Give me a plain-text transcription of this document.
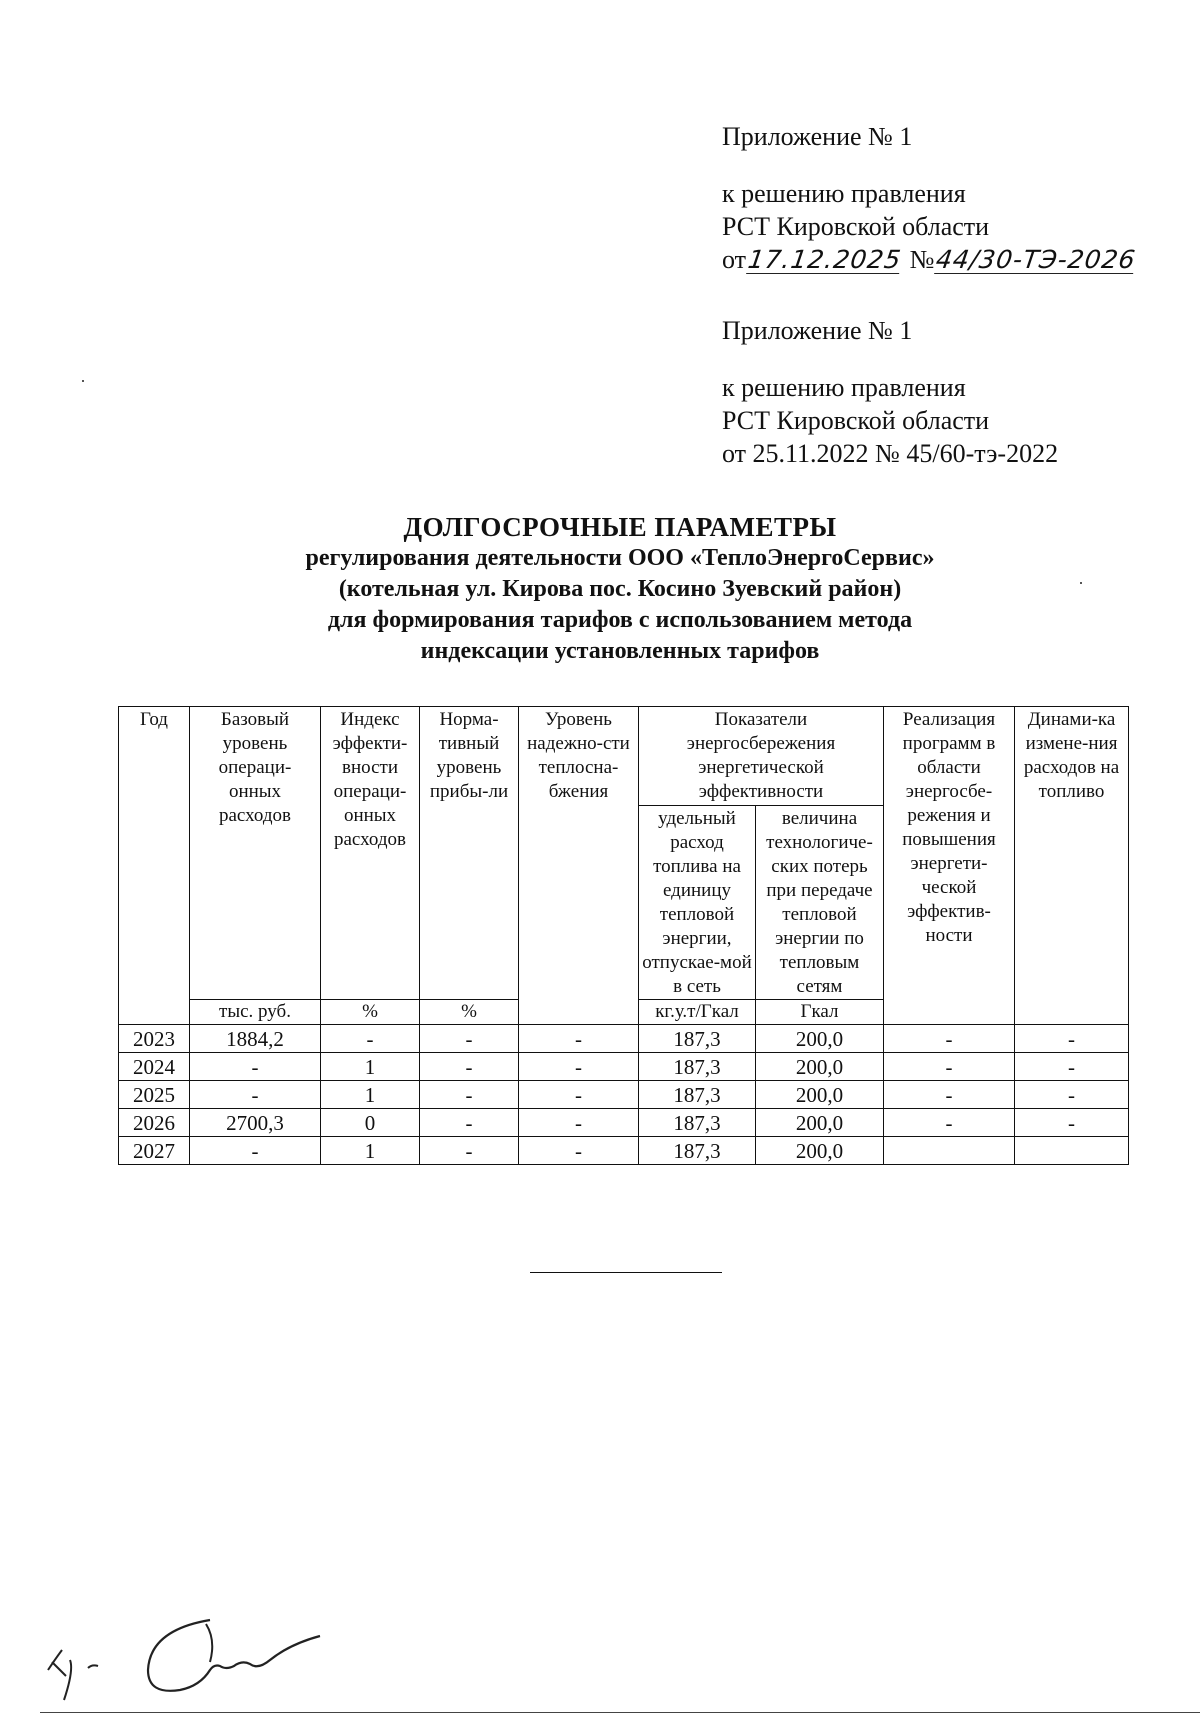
Приложение № 1
к решению правления
РСТ Кировской области
от17.12.2025 №44/30-ТЭ-2026
Приложение № 1
к решению правления
РСТ Кировской области
от 25.11.2022 № 45/60-тэ-2022
ДОЛГОСРОЧНЫЕ ПАРАМЕТРЫ
регулирования деятельности ООО «ТеплоЭнергоСервис»
(котельная ул. Кирова пос. Косино Зуевский район)
для формирования тарифов с использованием метода
индексации установленных тарифов
Год	Базовый уровень операци-онных расходов	Индекс эффекти-вности операци-онных расходов	Норма-тивный уровень прибы-ли	Уровень надежно-сти теплосна-бжения	Показатели энергосбережения энергетической эффективности		Реализация программ в области энергосбе-режения и повышения энергети-ческой эффектив-ности	Динами-ка измене-ния расходов на топливо
					удельный расход топлива на единицу тепловой энергии, отпускае-мой в сеть	величина технологиче-ских потерь при передаче тепловой энергии по тепловым сетям		
	тыс. руб.	%	%		кг.у.т/Гкал	Гкал		
2023	1884,2	-	-	-	187,3	200,0	-	-
2024	-	1	-	-	187,3	200,0	-	-
2025	-	1	-	-	187,3	200,0	-	-
2026	2700,3	0	-	-	187,3	200,0	-	-
2027	-	1	-	-	187,3	200,0		
